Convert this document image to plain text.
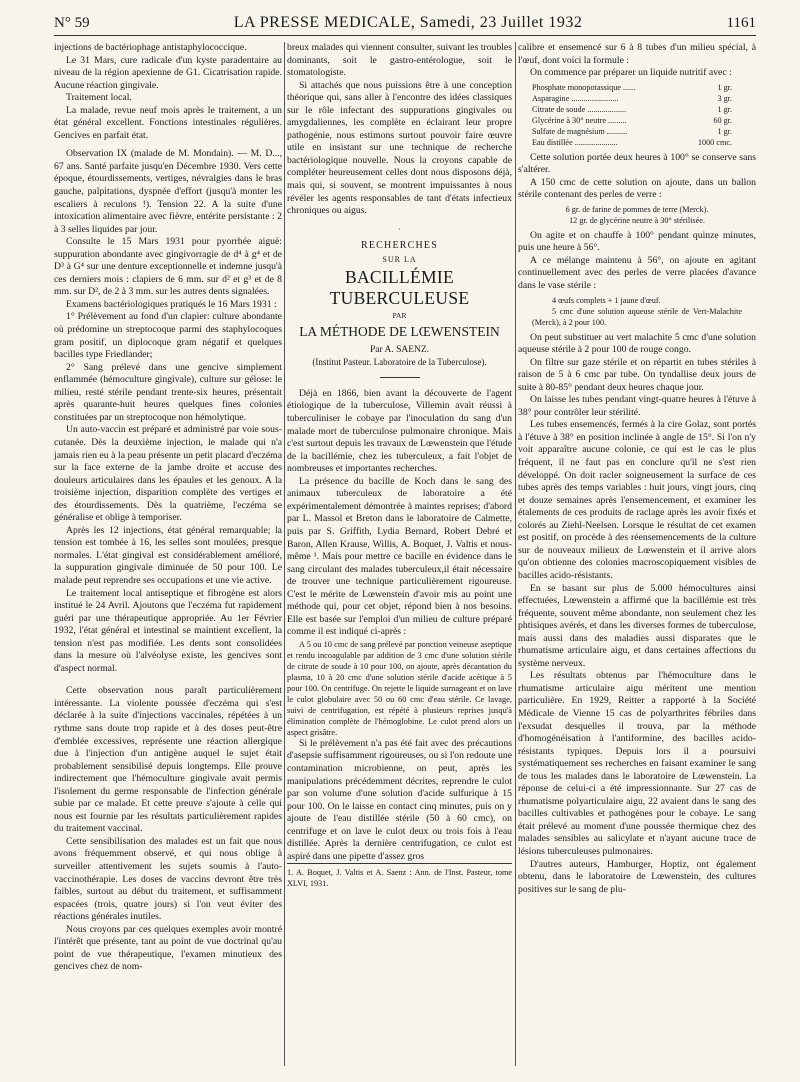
N° 59	LA PRESSE MEDICALE, Samedi, 23 Juillet 1932	1161

injections de bactériophage antistaphylococcique.

Le 31 Mars, cure radicale d'un kyste paradentaire au niveau de la région apexienne de G1. Cicatrisation rapide. Aucune réaction gingivale.

Traitement local.

La malade, revue neuf mois après le traitement, a un état général excellent. Fonctions intestinales régulières. Gencives en parfait état.

Observation IX (malade de M. Mondain). — M. D..., 67 ans. Santé parfaite jusqu'en Décembre 1930. Vers cette époque, étourdissements, vertiges, névralgies dans le bras gauche, palpitations, dyspnée d'effort (jusqu'à monter les escaliers à reculons !). Tension 22. A la suite d'une intoxication alimentaire avec fièvre, entérite persistante : 2 à 3 selles liquides par jour.

Consulte le 15 Mars 1931 pour pyorrhée aiguë: suppuration abondante avec gingivorragie de d⁴ à g⁴ et de D³ à G⁴ sur une denture exceptionnelle et indemne jusqu'à ces derniers mois : clapiers de 6 mm. sur d² et g³ et de 8 mm. sur D², de 2 à 3 mm. sur les autres dents signalées.

Examens bactériologiques pratiqués le 16 Mars 1931 :

1° Prélèvement au fond d'un clapier: culture abondante où prédomine un streptocoque parmi des staphylocoques gram positif, un diplocoque gram négatif et quelques bacilles type Friedlander;

2° Sang prélevé dans une gencive simplement enflammée (hémoculture gingivale), culture sur gélose: le milieu, resté stérile pendant trente-six heures, présentait après quarante-huit heures quelques fines colonies constituées par un streptocoque non hémolytique.

Un auto-vaccin est préparé et administré par voie sous-cutanée. Dès la deuxième injection, le malade qui n'a jamais rien eu à la peau présente un petit placard d'eczéma sur la face externe de la jambe droite et accuse des douleurs articulaires dans les épaules et les genoux. A la troisième injection, disparition complète des vertiges et des étourdissements. Dès la quatrième, l'eczéma se généralise et oblige à temporiser.

Après les 12 injections, état général remarquable; la tension est tombée à 16, les selles sont moulées, presque normales. L'état gingival est considérablement amélioré, la suppuration gingivale diminuée de 50 pour 100. Le malade peut reprendre ses occupations et une vie active.

Le traitement local antiseptique et fibrogène est alors institué le 24 Avril. Ajoutons que l'eczéma fut rapidement guéri par une thérapeutique appropriée. Au 1er Février 1932, l'état général et intestinal se maintient excellent, la tension n'est pas modifiée. Les dents sont consolidées dans la mesure où l'alvéolyse existe, les gencives sont d'aspect normal.

Cette observation nous paraît particulièrement intéressante. La violente poussée d'eczéma qui s'est déclarée à la suite d'injections vaccinales, répétées à un rythme sans doute trop rapide et à des doses peut-être d'emblée excessives, représente une réaction allergique due à l'injection d'un antigène auquel le sujet était probablement sensibilisé depuis longtemps. Elle prouve indirectement que l'hémoculture gingivale avait permis l'isolement du germe responsable de l'infection générale subie par ce malade. Et cette preuve s'ajoute à celle qui nous est fournie par les résultats particulièrement rapides du traitement vaccinal.

Cette sensibilisation des malades est un fait que nous avons fréquemment observé, et qui nous oblige à surveiller attentivement les sujets soumis à l'auto-vaccinothérapie. Les doses de vaccins devront être très faibles, surtout au début du traitement, et suffisamment espacées (trois, quatre jours) si l'on veut éviter des réactions générales inutiles.

Nous croyons par ces quelques exemples avoir montré l'intérêt que présente, tant au point de vue doctrinal qu'au point de vue thérapeutique, l'examen minutieux des gencives chez de nom-

breux malades qui viennent consulter, suivant les troubles dominants, soit le gastro-entérologue, soit le stomatologiste.

Si attachés que nous puissions être à une conception théorique qui, sans aller à l'encontre des idées classiques sur le rôle infectant des suppurations gingivales ou amygdaliennes, les complète en éclairant leur propre pathogénie, nous estimons surtout pouvoir faire œuvre utile en insistant sur une technique de recherche bactériologique nouvelle. Nous la croyons capable de compléter heureusement celles dont nous disposons déjà, mais qui, si souvent, se montrent impuissantes à nous révéler les agents responsables de tant d'états infectieux chroniques ou aigus.

·
RECHERCHES
SUR LA
BACILLÉMIE TUBERCULEUSE
PAR
LA MÉTHODE DE LŒWENSTEIN
Par A. SAENZ.
(Institut Pasteur. Laboratoire de la Tuberculose).

Déjà en 1866, bien avant la découverte de l'agent étiologique de la tuberculose, Villemin avait réussi à tuberculiniser le cobaye par l'inoculation du sang d'un malade mort de tuberculose pulmonaire chronique. Mais c'est surtout depuis les travaux de Lœwenstein que l'étude de la bacillémie, chez les tuberculeux, a fait l'objet de nombreuses et importantes recherches.

La présence du bacille de Koch dans le sang des animaux tuberculeux de laboratoire a été expérimentalement démontrée à maintes reprises; d'abord par L. Massol et Breton dans le laboratoire de Calmette, puis par S. Griffith, Lydia Bernard, Robert Debré et Baron, Allen Krause, Willis, A. Boquet, J. Valtis et nous-même ¹. Mais pour mettre ce bacille en évidence dans le sang circulant des malades tuberculeux,il était nécessaire de trouver une technique particulièrement rigoureuse. C'est le mérite de Lœwenstein d'avoir mis au point une méthode qui, pour cet objet, répond bien à nos besoins. Elle est basée sur l'emploi d'un milieu de culture préparé comme il est indiqué ci-après :

A 5 ou 10 cmc de sang prélevé par ponction veineuse aseptique et rendu incoagulable par addition de 3 cmc d'une solution stérile de citrate de soude à 10 pour 100, on ajoute, après décantation du plasma, 10 à 20 cmc d'une solution stérile d'acide acétique à 5 pour 100. On centrifuge. On rejette le liquide surnageant et on lave le culot globulaire avec 50 ou 60 cmc d'eau stérile. Ce lavage, suivi de centrifugation, est répété à plusieurs reprises jusqu'à élimination complète de l'hémoglobine. Le culot prend alors un aspect grisâtre.

Si le prélèvement n'a pas été fait avec des précautions d'asepsie suffisamment rigoureuses, ou si l'on redoute une contamination microbienne, on peut, après les manipulations précédemment décrites, reprendre le culot par son volume d'une solution d'acide sulfurique à 15 pour 100. On le laisse en contact cinq minutes, puis on y ajoute de l'eau distillée stérile (50 à 60 cmc), on centrifuge et on lave le culot deux ou trois fois à l'eau distillée. Après la dernière centrifugation, ce culot est aspiré dans une pipette d'assez gros

1. A. Boquet, J. Valtis et A. Saenz : Ann. de l'Inst. Pasteur, tome XLVI, 1931.

calibre et ensemencé sur 6 à 8 tubes d'un milieu spécial, à l'œuf, dont voici la formule :

On commence par préparer un liquide nutritif avec :

Phosphate monopotassique ......	1 gr.
Asparagine .......................	3 gr.
Citrate de soude ...................	1 gr.
Glycérine à 30° neutre .........	60 gr.
Sulfate de magnésium ..........	1 gr.
Eau distillée .....................	1000 cmc.

Cette solution portée deux heures à 100° se conserve sans s'altérer.

A 150 cmc de cette solution on ajoute, dans un ballon stérile contenant des perles de verre :

6 gr. de farine de pommes de terre (Merck).
12 gr. de glycérine neutre à 30° stérilisée.

On agite et on chauffe à 100° pendant quinze minutes, puis une heure à 56°.

A ce mélange maintenu à 56°, on ajoute en agitant continuellement avec des perles de verre placées d'avance dans le vase stérile :

4 œufs complets + 1 jaune d'œuf.
5 cmc d'une solution aqueuse stérile de Vert-Malachite (Merck), à 2 pour 100.

On peut substituer au vert malachite 5 cmc d'une solution aqueuse stérile à 2 pour 100 de rouge congo.

On filtre sur gaze stérile et on répartit en tubes stériles à raison de 5 à 6 cmc par tube. On tyndallise deux jours de suite à 80-85° pendant deux heures chaque jour.

On laisse les tubes pendant vingt-quatre heures à l'étuve à 38° pour contrôler leur stérilité.

Les tubes ensemencés, fermés à la cire Golaz, sont portés à l'étuve à 38° en position inclinée à angle de 15°. Si l'on n'y voit apparaître aucune colonie, ce qui est le cas le plus fréquent, il ne faut pas en conclure qu'il ne s'est rien développé. On doit racler soigneusement la surface de ces tubes après des temps variables : huit jours, vingt jours, cinq et douze semaines après l'ensemencement, et examiner les étalements de ces produits de raclage après les avoir fixés et colorés au Ziehl-Neelsen. Lorsque le résultat de cet examen est positif, on procède à des réensemencements de la culture sur de nouveaux milieux de Lœwenstein et il arrive alors qu'on obtienne des colonies macroscopiquement visibles de bacilles acido-résistants.

En se basant sur plus de 5.000 hémocultures ainsi effectuées, Lœwenstein a affirmé que la bacillémie est très fréquente, souvent même abondante, non seulement chez les phtisiques avérés, et dans les diverses formes de tuberculose, mais aussi dans des maladies aussi disparates que le rhumatisme articulaire aigu, et dans certaines affections du système nerveux.

Les résultats obtenus par l'hémoculture dans le rhumatisme articulaire aigu méritent une mention particulière. En 1929, Reitter a rapporté à la Société Médicale de Vienne 15 cas de polyarthrites fébriles dans l'exsudat desquelles il trouva, par la méthode d'homogénéisation à l'antiformine, des bacilles acido-résistants typiques. Depuis lors il a poursuivi systématiquement ses recherches en faisant examiner le sang de tous les malades dans le laboratoire de Lœwenstein. La réponse de celui-ci a été impressionnante. Sur 27 cas de rhumatisme polyarticulaire aigu, 22 avaient dans le sang des bacilles cultivables et pathogènes pour le cobaye. Le sang était prélevé au moment d'une poussée thermique chez des malades sensibles au salicylate et n'ayant aucune trace de lésions tuberculeuses pulmonaires.

D'autres auteurs, Hamburger, Hoptiz, ont également obtenu, dans le laboratoire de Lœwenstein, des cultures positives sur le sang de plu-
